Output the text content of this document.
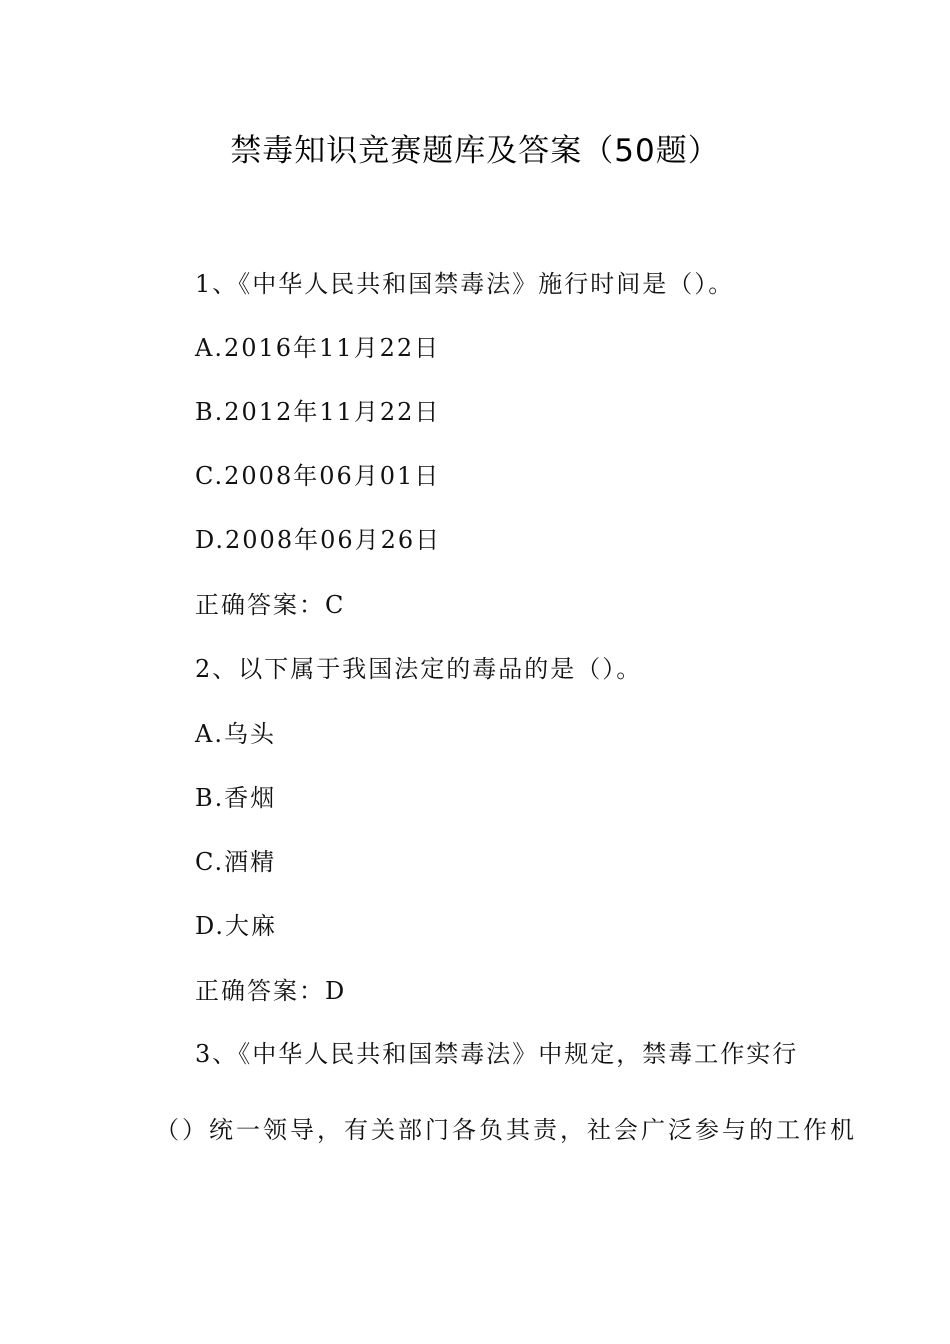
禁毒知识竞赛题库及答案（50题）
1、《中华人民共和国禁毒法》施行时间是（）。
A.2016年11月22日
B.2012年11月22日
C.2008年06月01日
D.2008年06月26日
正确答案：C
2、以下属于我国法定的毒品的是（）。
A.乌头
B.香烟
C.酒精
D.大麻
正确答案：D
3、《中华人民共和国禁毒法》中规定，禁毒工作实行
（）统一领导，有关部门各负其责，社会广泛参与的工作机
